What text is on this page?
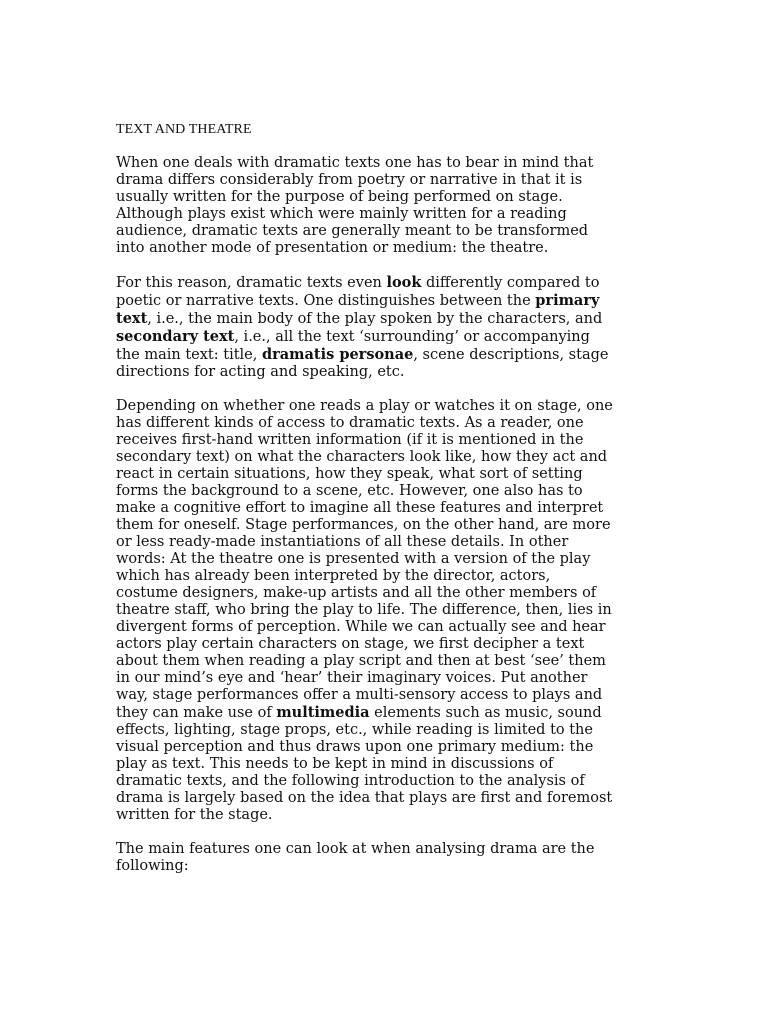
TEXT AND THEATRE
When one deals with dramatic texts one has to bear in mind that
drama differs considerably from poetry or narrative in that it is
usually written for the purpose of being performed on stage.
Although plays exist which were mainly written for a reading
audience, dramatic texts are generally meant to be transformed
into another mode of presentation or medium: the theatre.
For this reason, dramatic texts even look differently compared to
poetic or narrative texts. One distinguishes between the primary
text, i.e., the main body of the play spoken by the characters, and
secondary text, i.e., all the text ‘surrounding’ or accompanying
the main text: title, dramatis personae, scene descriptions, stage
directions for acting and speaking, etc.
Depending on whether one reads a play or watches it on stage, one
has different kinds of access to dramatic texts. As a reader, one
receives first-hand written information (if it is mentioned in the
secondary text) on what the characters look like, how they act and
react in certain situations, how they speak, what sort of setting
forms the background to a scene, etc. However, one also has to
make a cognitive effort to imagine all these features and interpret
them for oneself. Stage performances, on the other hand, are more
or less ready-made instantiations of all these details. In other
words: At the theatre one is presented with a version of the play
which has already been interpreted by the director, actors,
costume designers, make-up artists and all the other members of
theatre staff, who bring the play to life. The difference, then, lies in
divergent forms of perception. While we can actually see and hear
actors play certain characters on stage, we first decipher a text
about them when reading a play script and then at best ‘see’ them
in our mind’s eye and ‘hear’ their imaginary voices. Put another
way, stage performances offer a multi-sensory access to plays and
they can make use of multimedia elements such as music, sound
effects, lighting, stage props, etc., while reading is limited to the
visual perception and thus draws upon one primary medium: the
play as text. This needs to be kept in mind in discussions of
dramatic texts, and the following introduction to the analysis of
drama is largely based on the idea that plays are first and foremost
written for the stage.
The main features one can look at when analysing drama are the
following:
